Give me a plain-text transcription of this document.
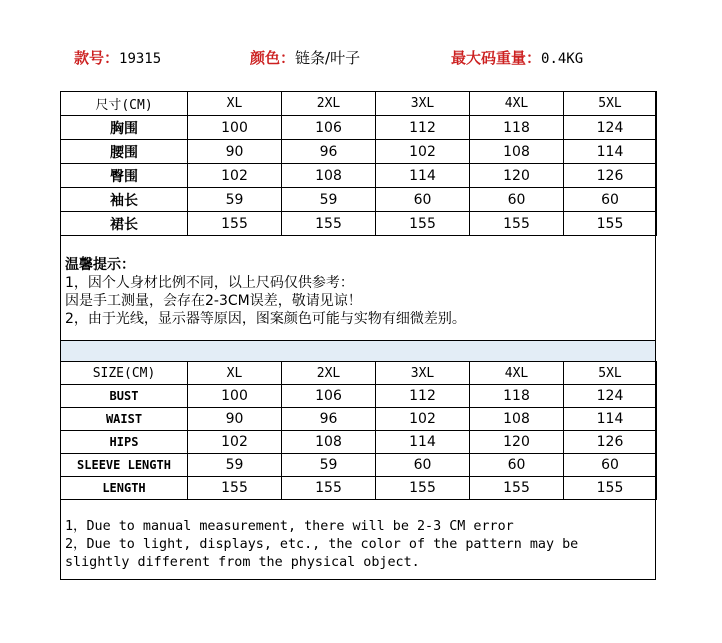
款号：19315	颜色：链条/叶子	最大码重量：0.4KG
尺寸(CM)	XL	2XL	3XL	4XL	5XL
胸围	100	106	112	118	124
腰围	90	96	102	108	114
臀围	102	108	114	120	126
袖长	59	59	60	60	60
裙长	155	155	155	155	155
温馨提示：
1，因个人身材比例不同，以上尺码仅供参考：
因是手工测量，会存在2-3CM误差，敬请见谅！
2，由于光线，显示器等原因，图案颜色可能与实物有细微差别。
SIZE(CM)	XL	2XL	3XL	4XL	5XL
BUST	100	106	112	118	124
WAIST	90	96	102	108	114
HIPS	102	108	114	120	126
SLEEVE LENGTH	59	59	60	60	60
LENGTH	155	155	155	155	155
1，Due to manual measurement, there will be 2-3 CM error
2，Due to light, displays, etc., the color of the pattern may be
slightly different from the physical object.
